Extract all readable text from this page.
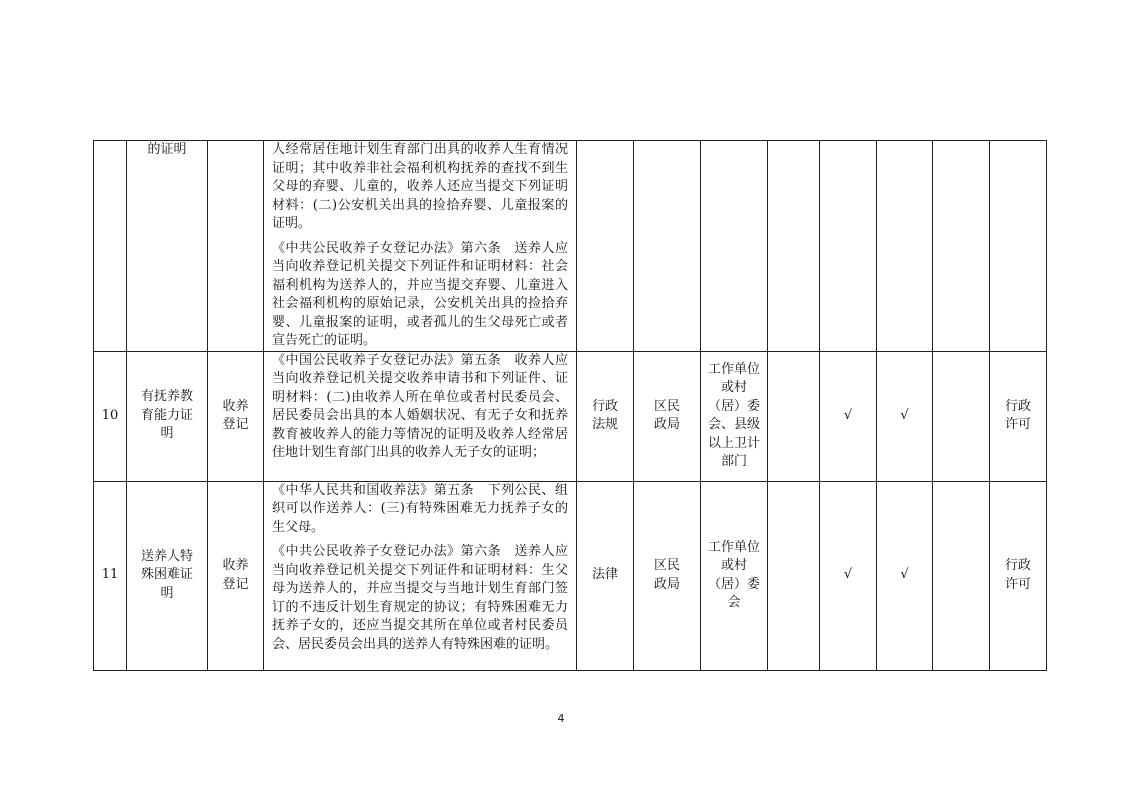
	的证明		人经常居住地计划生育部门出具的收养人生育情况证明；其中收养非社会福利机构抚养的查找不到生父母的弃婴、儿童的，收养人还应当提交下列证明材料：(二)公安机关出具的捡拾弃婴、儿童报案的证明。

《中共公民收养子女登记办法》第六条　送养人应当向收养登记机关提交下列证件和证明材料：社会福利机构为送养人的，并应当提交弃婴、儿童进入社会福利机构的原始记录，公安机关出具的捡拾弃婴、儿童报案的证明，或者孤儿的生父母死亡或者宣告死亡的证明。								

10	有抚养教育能力证明	收养登记	《中国公民收养子女登记办法》第五条　收养人应当向收养登记机关提交收养申请书和下列证件、证明材料：(二)由收养人所在单位或者村民委员会、居民委员会出具的本人婚姻状况、有无子女和抚养教育被收养人的能力等情况的证明及收养人经常居住地计划生育部门出具的收养人无子女的证明；	行政法规	区民政局	工作单位或村（居）委会、县级以上卫计部门		√	√		行政许可

11	送养人特殊困难证明	收养登记	《中华人民共和国收养法》第五条　下列公民、组织可以作送养人：(三)有特殊困难无力抚养子女的生父母。

《中共公民收养子女登记办法》第六条　送养人应当向收养登记机关提交下列证件和证明材料：生父母为送养人的，并应当提交与当地计划生育部门签订的不违反计划生育规定的协议；有特殊困难无力抚养子女的，还应当提交其所在单位或者村民委员会、居民委员会出具的送养人有特殊困难的证明。	法律	区民政局	工作单位或村（居）委会		√	√		行政许可
4
